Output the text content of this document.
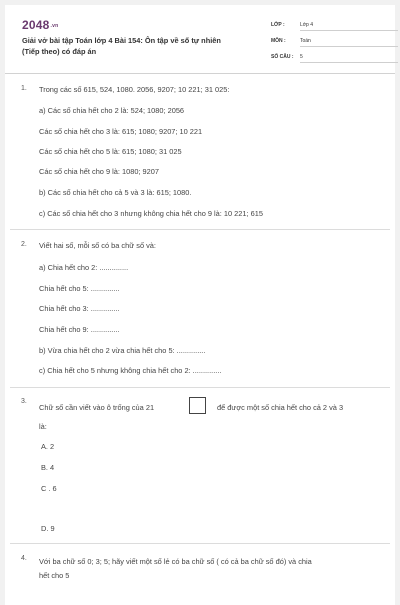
2048.vn
Giải vở bài tập Toán lớp 4 Bài 154: Ôn tập về số tự nhiên (Tiếp theo) có đáp án
LỚP :	Lớp 4
MÔN :	Toán
SỐ CÂU :	5
1. Trong các số 615, 524, 1080. 2056, 9207; 10 221; 31 025:
a) Các số chia hết cho 2 là: 524; 1080; 2056
Các số chia hết cho 3 là: 615; 1080; 9207; 10 221
Các số chia hết cho 5 là: 615; 1080; 31 025
Các số chia hết cho 9 là: 1080; 9207
b) Các số chia hết cho cả 5 và 3 là: 615; 1080.
c) Các số chia hết cho 3 nhưng không chia hết cho 9 là: 10 221; 615
2. Viết hai số, mỗi số có ba chữ số và:
a) Chia hết cho 2: ..............
Chia hết cho 5: ..............
Chia hết cho 3: ..............
Chia hết cho 9: ..............
b) Vừa chia hết cho 2 vừa chia hết cho 5: ..............
c) Chia hết cho 5 nhưng không chia hết cho 2: ..............
3.
Chữ số cần viết vào ô trống của 21	để được một số chia hết cho cả 2 và 3
là:
A. 2
B. 4
C . 6
D. 9
4. Với ba chữ số 0; 3; 5; hãy viết một số lẻ có ba chữ số ( có cả ba chữ số đó) và chia
hết cho 5
